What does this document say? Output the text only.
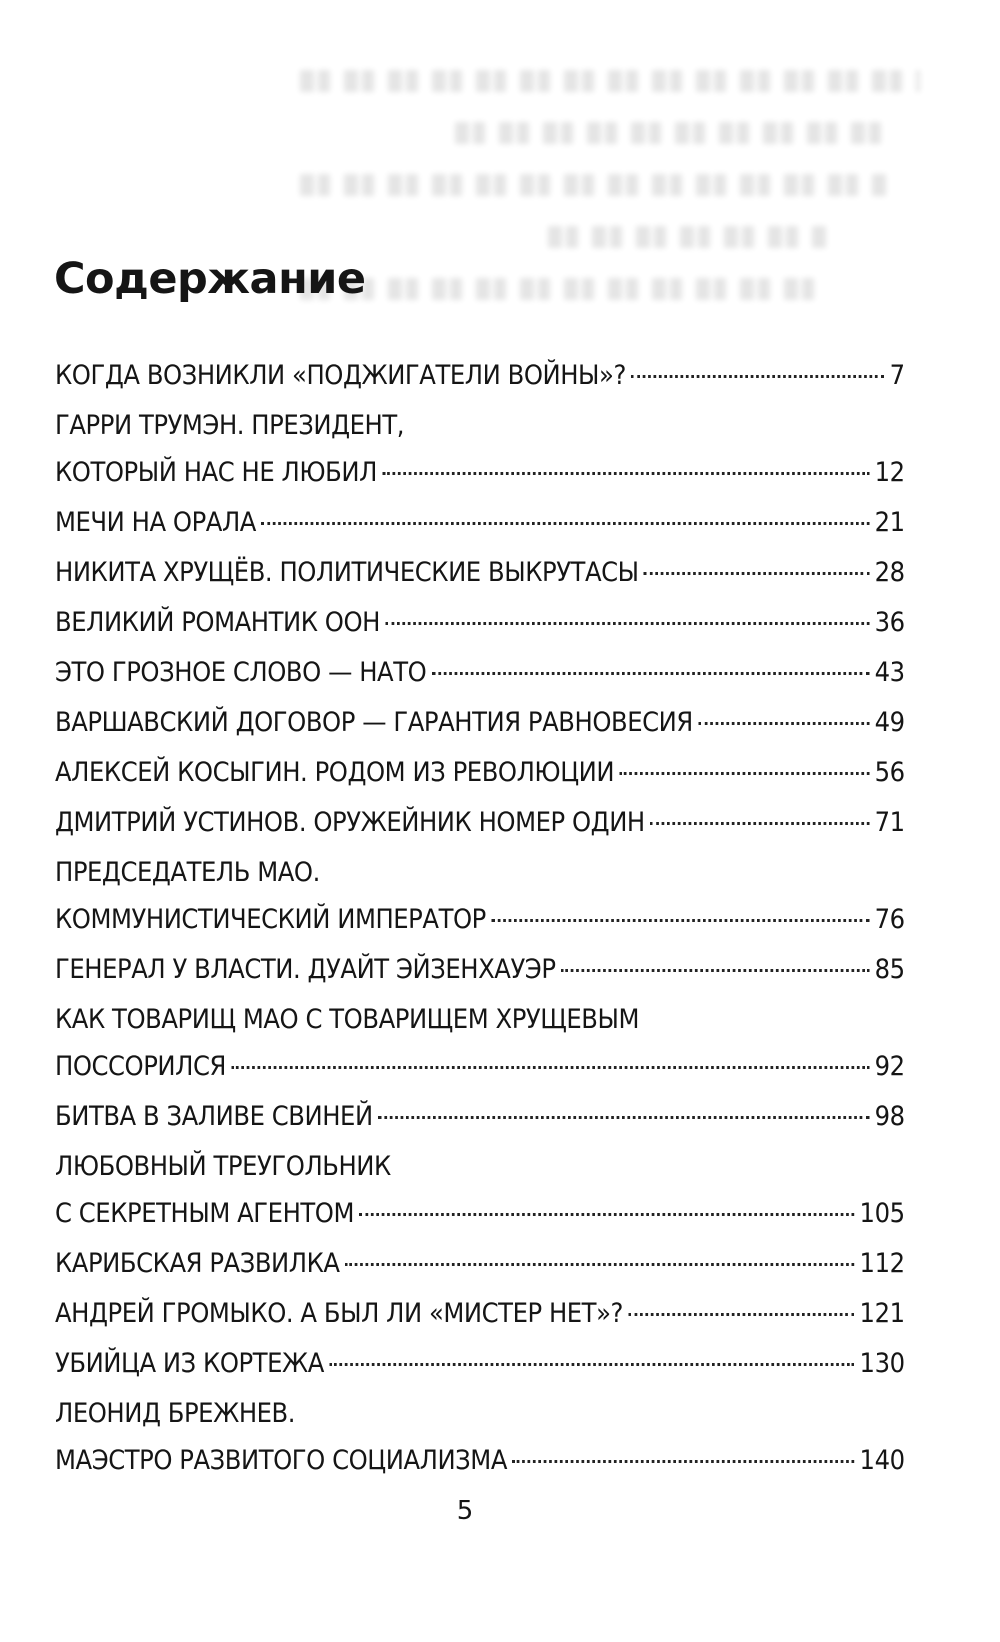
Содержание
КОГДА ВОЗНИКЛИ «ПОДЖИГАТЕЛИ ВОЙНЫ»?	7
ГАРРИ ТРУМЭН. ПРЕЗИДЕНТ,
КОТОРЫЙ НАС НЕ ЛЮБИЛ	12
МЕЧИ НА ОРАЛА	21
НИКИТА ХРУЩЁВ. ПОЛИТИЧЕСКИЕ ВЫКРУТАСЫ	28
ВЕЛИКИЙ РОМАНТИК ООН	36
ЭТО ГРОЗНОЕ СЛОВО — НАТО	43
ВАРШАВСКИЙ ДОГОВОР — ГАРАНТИЯ РАВНОВЕСИЯ	49
АЛЕКСЕЙ КОСЫГИН. РОДОМ ИЗ РЕВОЛЮЦИИ	56
ДМИТРИЙ УСТИНОВ. ОРУЖЕЙНИК НОМЕР ОДИН	71
ПРЕДСЕДАТЕЛЬ МАО.
КОММУНИСТИЧЕСКИЙ ИМПЕРАТОР	76
ГЕНЕРАЛ У ВЛАСТИ. ДУАЙТ ЭЙЗЕНХАУЭР	85
КАК ТОВАРИЩ МАО С ТОВАРИЩЕМ ХРУЩЕВЫМ
ПОССОРИЛСЯ	92
БИТВА В ЗАЛИВЕ СВИНЕЙ	98
ЛЮБОВНЫЙ ТРЕУГОЛЬНИК
С СЕКРЕТНЫМ АГЕНТОМ	105
КАРИБСКАЯ РАЗВИЛКА	112
АНДРЕЙ ГРОМЫКО. А БЫЛ ЛИ «МИСТЕР НЕТ»?	121
УБИЙЦА ИЗ КОРТЕЖА	130
ЛЕОНИД БРЕЖНЕВ.
МАЭСТРО РАЗВИТОГО СОЦИАЛИЗМА	140
5
